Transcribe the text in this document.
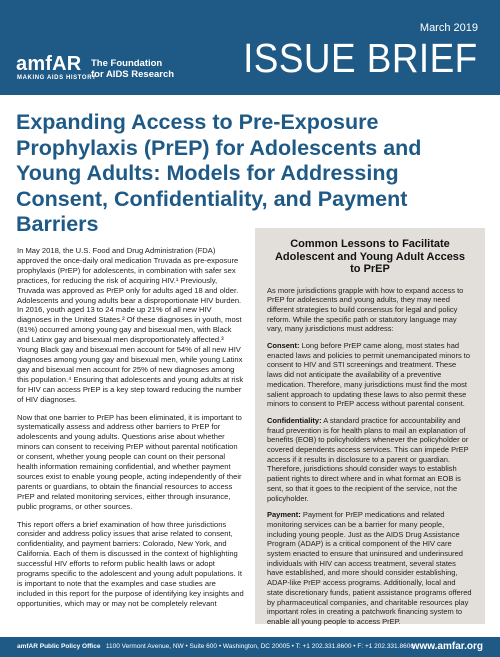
amfAR
MAKING AIDS HISTORY
The Foundation
for AIDS Research
March 2019
ISSUE BRIEF
Expanding Access to Pre-Exposure Prophylaxis (PrEP) for Adolescents and Young Adults: Models for Addressing Consent, Confidentiality, and Payment Barriers

In May 2018, the U.S. Food and Drug Administration (FDA) approved the once-daily oral medication Truvada as pre-exposure prophylaxis (PrEP) for adolescents, in combination with safer sex practices, for reducing the risk of acquiring HIV.¹ Previously, Truvada was approved as PrEP only for adults aged 18 and older. Adolescents and young adults bear a disproportionate HIV burden. In 2016, youth aged 13 to 24 made up 21% of all new HIV diagnoses in the United States.² Of these diagnoses in youth, most (81%) occurred among young gay and bisexual men, with Black and Latinx gay and bisexual men disproportionately affected.³ Young Black gay and bisexual men account for 54% of all new HIV diagnoses among young gay and bisexual men, while young Latinx gay and bisexual men account for 25% of new diagnoses among this population.⁴ Ensuring that adolescents and young adults at risk for HIV can access PrEP is a key step toward reducing the number of HIV diagnoses.

Now that one barrier to PrEP has been eliminated, it is important to systematically assess and address other barriers to PrEP for adolescents and young adults. Questions arise about whether minors can consent to receiving PrEP without parental notification or consent, whether young people can count on their personal health information remaining confidential, and whether payment sources exist to enable young people, acting independently of their parents or guardians, to obtain the financial resources to access PrEP and related monitoring services, either through insurance, public programs, or other sources.

This report offers a brief examination of how three jurisdictions consider and address policy issues that arise related to consent, confidentiality, and payment barriers: Colorado, New York, and California. Each of them is discussed in the context of highlighting successful HIV efforts to reform public health laws or adopt programs specific to the adolescent and young adult populations. It is important to note that the examples and case studies are included in this report for the purpose of identifying key insights and opportunities, which may or may not be completely relevant

Common Lessons to Facilitate Adolescent and Young Adult Access to PrEP

As more jurisdictions grapple with how to expand access to PrEP for adolescents and young adults, they may need different strategies to build consensus for legal and policy reform. While the specific path or statutory language may vary, many jurisdictions must address:

Consent: Long before PrEP came along, most states had enacted laws and policies to permit unemancipated minors to consent to HIV and STI screenings and treatment. These laws did not anticipate the availability of a preventive medication. Therefore, many jurisdictions must find the most salient approach to updating these laws to also permit these minors to consent to PrEP access without parental consent.

Confidentiality: A standard practice for accountability and fraud prevention is for health plans to mail an explanation of benefits (EOB) to policyholders whenever the policyholder or covered dependents access services. This can impede PrEP access if it results in disclosure to a parent or guardian. Therefore, jurisdictions should consider ways to establish patient rights to direct where and in what format an EOB is sent, so that it goes to the recipient of the service, not the policyholder.

Payment: Payment for PrEP medications and related monitoring services can be a barrier for many people, including young people. Just as the AIDS Drug Assistance Program (ADAP) is a critical component of the HIV care system enacted to ensure that uninsured and underinsured individuals with HIV can access treatment, several states have established, and more should consider establishing, ADAP-like PrEP access programs. Additionally, local and state discretionary funds, patient assistance programs offered by pharmaceutical companies, and charitable resources play important roles in creating a patchwork financing system to enable all young people to access PrEP.

amfAR Public Policy Office 1100 Vermont Avenue, NW • Suite 600 • Washington, DC 20005 • T: +1 202.331.8600 • F: +1 202.331.8606
www.amfar.org
